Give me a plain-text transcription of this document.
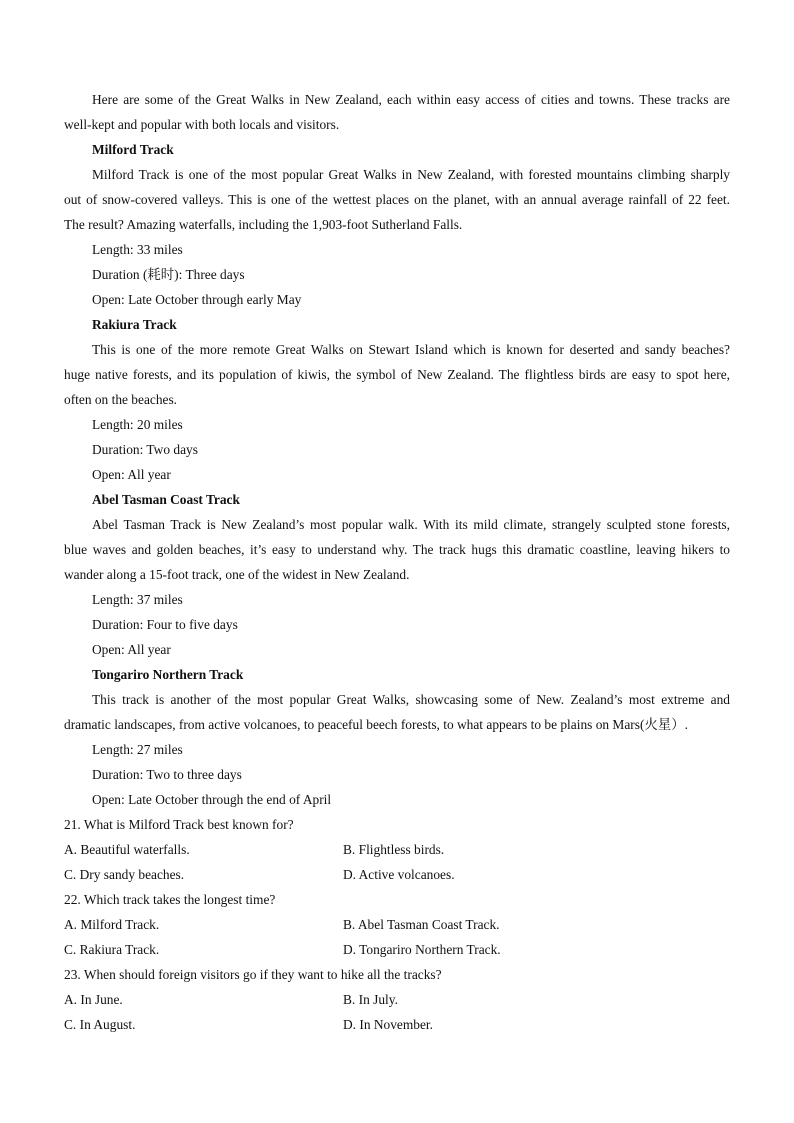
Here are some of the Great Walks in New Zealand, each within easy access of cities and towns. These tracks are
well-kept and popular with both locals and visitors.
Milford Track
Milford Track is one of the most popular Great Walks in New Zealand, with forested mountains climbing sharply
out of snow-covered valleys. This is one of the wettest places on the planet, with an annual average rainfall of 22 feet.
The result? Amazing waterfalls, including the 1,903-foot Sutherland Falls.
Length: 33 miles
Duration (耗时): Three days
Open: Late October through early May
Rakiura Track
This is one of the more remote Great Walks on Stewart Island which is known for deserted and sandy beaches?
huge native forests, and its population of kiwis, the symbol of New Zealand. The flightless birds are easy to spot here,
often on the beaches.
Length: 20 miles
Duration: Two days
Open: All year
Abel Tasman Coast Track
Abel Tasman Track is New Zealand’s most popular walk. With its mild climate, strangely sculpted stone forests,
blue waves and golden beaches, it’s easy to understand why. The track hugs this dramatic coastline, leaving hikers to
wander along a 15-foot track, one of the widest in New Zealand.
Length: 37 miles
Duration: Four to five days
Open: All year
Tongariro Northern Track
This track is another of the most popular Great Walks, showcasing some of New. Zealand’s most extreme and
dramatic landscapes, from active volcanoes, to peaceful beech forests, to what appears to be plains on Mars(火星）.
Length: 27 miles
Duration: Two to three days
Open: Late October through the end of April
21. What is Milford Track best known for?
A. Beautiful waterfalls.	B. Flightless birds.
C. Dry sandy beaches.	D. Active volcanoes.
22. Which track takes the longest time?
A. Milford Track.	B. Abel Tasman Coast Track.
C. Rakiura Track.	D. Tongariro Northern Track.
23. When should foreign visitors go if they want to hike all the tracks?
A. In June.	B. In July.
C. In August.	D. In November.
